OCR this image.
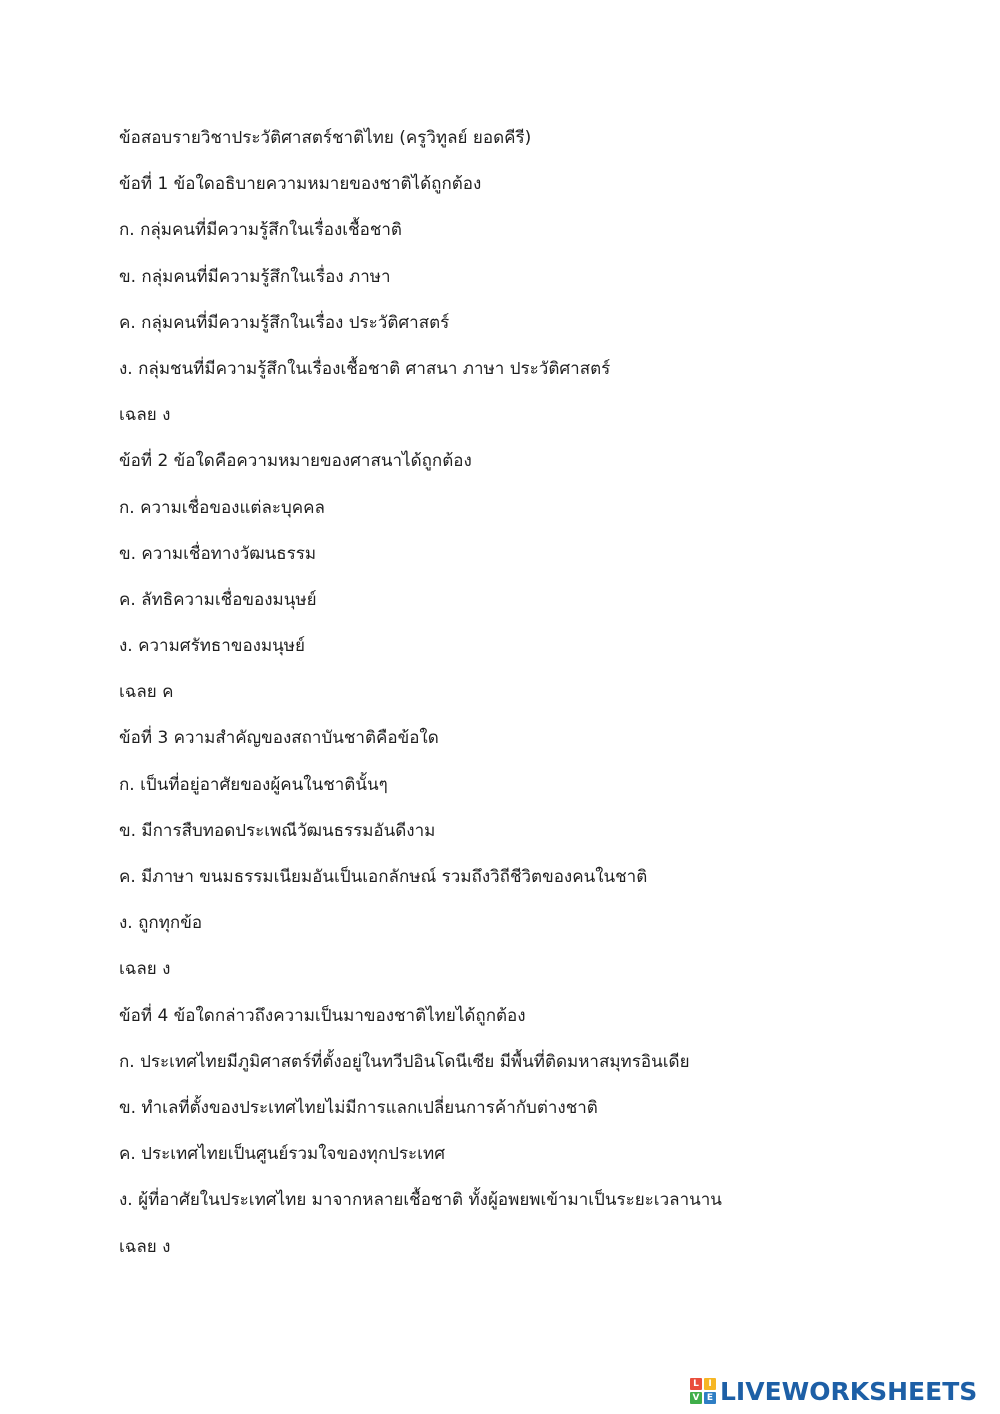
ข้อสอบรายวิชาประวัติศาสตร์ชาติไทย (ครูวิทูลย์ ยอดคีรี)
ข้อที่ 1 ข้อใดอธิบายความหมายของชาติได้ถูกต้อง
ก. กลุ่มคนที่มีความรู้สึกในเรื่องเชื้อชาติ
ข. กลุ่มคนที่มีความรู้สึกในเรื่อง ภาษา
ค. กลุ่มคนที่มีความรู้สึกในเรื่อง ประวัติศาสตร์
ง. กลุ่มชนที่มีความรู้สึกในเรื่องเชื้อชาติ ศาสนา ภาษา ประวัติศาสตร์
เฉลย ง
ข้อที่ 2 ข้อใดคือความหมายของศาสนาได้ถูกต้อง
ก. ความเชื่อของแต่ละบุคคล
ข. ความเชื่อทางวัฒนธรรม
ค. ลัทธิความเชื่อของมนุษย์
ง. ความศรัทธาของมนุษย์
เฉลย ค
ข้อที่ 3 ความสำคัญของสถาบันชาติคือข้อใด
ก. เป็นที่อยู่อาศัยของผู้คนในชาตินั้นๆ
ข. มีการสืบทอดประเพณีวัฒนธรรมอันดีงาม
ค. มีภาษา ขนมธรรมเนียมอันเป็นเอกลักษณ์ รวมถึงวิถีชีวิตของคนในชาติ
ง. ถูกทุกข้อ
เฉลย ง
ข้อที่ 4 ข้อใดกล่าวถึงความเป็นมาของชาติไทยได้ถูกต้อง
ก. ประเทศไทยมีภูมิศาสตร์ที่ตั้งอยู่ในทวีปอินโดนีเซีย มีพื้นที่ติดมหาสมุทรอินเดีย
ข. ทำเลที่ตั้งของประเทศไทยไม่มีการแลกเปลี่ยนการค้ากับต่างชาติ
ค. ประเทศไทยเป็นศูนย์รวมใจของทุกประเทศ
ง. ผู้ที่อาศัยในประเทศไทย มาจากหลายเชื้อชาติ ทั้งผู้อพยพเข้ามาเป็นระยะเวลานาน
เฉลย ง
L	I
V E LIVEWORKSHEETS
